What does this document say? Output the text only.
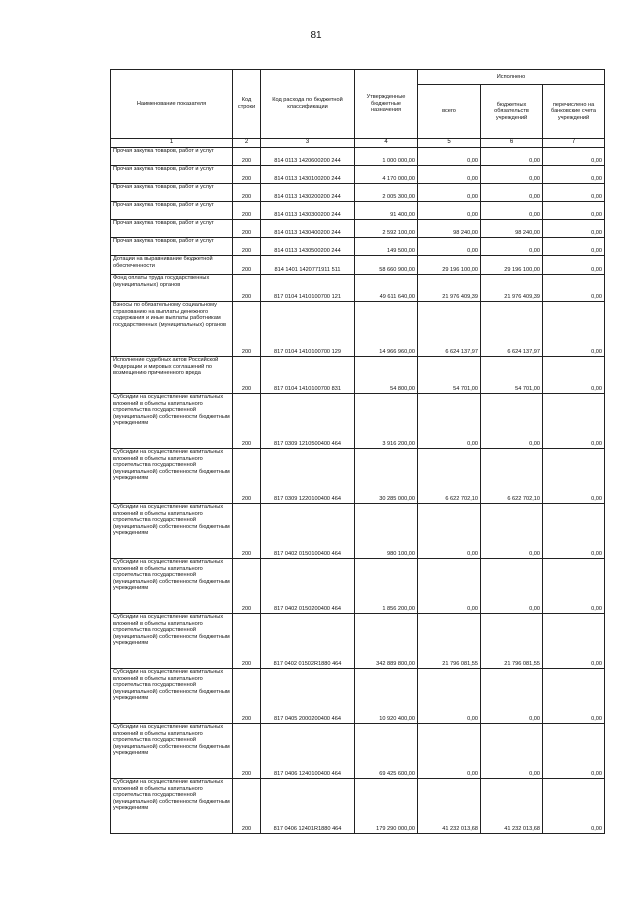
81
Наименование показателя	Код строки	Код расхода по бюджетной классификации	Утвержденные бюджетные назначения	Исполнено		
				всего	бюджетных обязательств учреждений	перечислено на банковские счета учреждений
1	2	3	4	5	6	7
Прочая закупка товаров, работ и услуг	200	814 0113 1420600200 244	1 000 000,00	0,00	0,00	0,00
Прочая закупка товаров, работ и услуг	200	814 0113 1430100200 244	4 170 000,00	0,00	0,00	0,00
Прочая закупка товаров, работ и услуг	200	814 0113 1430200200 244	2 005 300,00	0,00	0,00	0,00
Прочая закупка товаров, работ и услуг	200	814 0113 1430300200 244	91 400,00	0,00	0,00	0,00
Прочая закупка товаров, работ и услуг	200	814 0113 1430400200 244	2 592 100,00	98 240,00	98 240,00	0,00
Прочая закупка товаров, работ и услуг	200	814 0113 1430500200 244	149 500,00	0,00	0,00	0,00
Дотации на выравнивание бюджетной обеспеченности	200	814 1401 1420771911 511	58 660 900,00	29 196 100,00	29 196 100,00	0,00
Фонд оплаты труда государственных (муниципальных) органов	200	817 0104 1410100700 121	49 611 640,00	21 976 409,39	21 976 409,39	0,00
Взносы по обязательному социальному страхованию на выплаты денежного содержания и иные выплаты работникам государственных (муниципальных) органов	200	817 0104 1410100700 129	14 966 960,00	6 624 137,97	6 624 137,97	0,00
Исполнение судебных актов Российской Федерации и мировых соглашений по возмещению причиненного вреда	200	817 0104 1410100700 831	54 800,00	54 701,00	54 701,00	0,00
Субсидии на осуществление капитальных вложений в объекты капитального строительства государственной (муниципальной) собственности бюджетным учреждениям	200	817 0309 1210500400 464	3 916 200,00	0,00	0,00	0,00
Субсидии на осуществление капитальных вложений в объекты капитального строительства государственной (муниципальной) собственности бюджетным учреждениям	200	817 0309 1220100400 464	30 285 000,00	6 622 702,10	6 622 702,10	0,00
Субсидии на осуществление капитальных вложений в объекты капитального строительства государственной (муниципальной) собственности бюджетным учреждениям	200	817 0402 0150100400 464	980 100,00	0,00	0,00	0,00
Субсидии на осуществление капитальных вложений в объекты капитального строительства государственной (муниципальной) собственности бюджетным учреждениям	200	817 0402 0150200400 464	1 856 200,00	0,00	0,00	0,00
Субсидии на осуществление капитальных вложений в объекты капитального строительства государственной (муниципальной) собственности бюджетным учреждениям	200	817 0402 01502R1880 464	342 889 800,00	21 796 081,55	21 796 081,55	0,00
Субсидии на осуществление капитальных вложений в объекты капитального строительства государственной (муниципальной) собственности бюджетным учреждениям	200	817 0405 2000200400 464	10 920 400,00	0,00	0,00	0,00
Субсидии на осуществление капитальных вложений в объекты капитального строительства государственной (муниципальной) собственности бюджетным учреждениям	200	817 0406 1240100400 464	69 425 600,00	0,00	0,00	0,00
Субсидии на осуществление капитальных вложений в объекты капитального строительства государственной (муниципальной) собственности бюджетным учреждениям	200	817 0406 12401R1880 464	179 290 000,00	41 232 013,68	41 232 013,68	0,00
